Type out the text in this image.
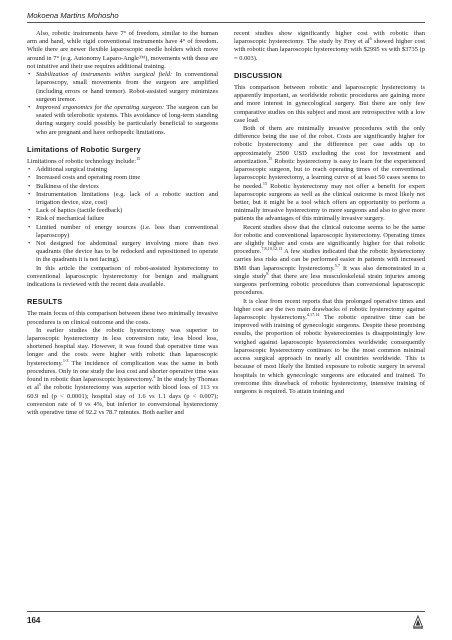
Mokoena Martins Mohosho

Also, robotic instruments have 7° of freedom, similar to the human arm and hand, while rigid conventional instruments have 4° of freedom. While there are newer flexible laparoscopic needle holders which move around in 7° (e.g. Autonomy Laparo-Angle™), movements with these are not intuitive and their use requires additional training.

• Stabilization of instruments within surgical field: In conventional laparoscopy, small movements from the surgeon are amplified (including errors or hand tremor). Robot-assisted surgery minimizes surgeon tremor.
• Improved ergonomics for the operating surgeon: The surgeon can be seated with telerobotic systems. This avoidance of long-term standing during surgery could possibly be particularly beneficial to surgeons who are pregnant and have orthopedic limitations.
Limitations of Robotic Surgery

Limitations of robotic technology include:$^{15}$

• Additional surgical training
• Increased costs and operating room time
• Bulkiness of the devices
• Instrumentation limitations (e.g. lack of a robotic suction and irrigation device, size, cost)
• Lack of haptics (tactile feedback)
• Risk of mechanical failure
• Limited number of energy sources (i.e. less than conventional laparoscopy)
• Not designed for abdominal surgery involving more than two quadrants (the device has to be redocked and repositioned to operate in the quadrants it is not facing).

In this article the comparison of robot-assisted hysterectomy to conventional laparoscopic hysterectomy for benign and malignant indications is reviewed with the recent data available.

RESULTS

The main focus of this comparison between these two minimally invasive procedures is on clinical outcome and the costs.

In earlier studies the robotic hysterectomy was superior to laparoscopic hysterectomy in less conversion rate, less blood loss, shortened hospital stay. However, it was found that operative time was longer and the costs were higher with robotic than laparoscopic hysterectomy.$^{1-3}$ The incidence of complication was the same in both procedures. Only in one study the less cost and shorter operative time was found in robotic than laparoscopic hysterectomy.$^4$ In the study by Thomas et $al^5$ the robotic hysterectomy was superior with blood loss of 113 vs 60.9 ml (p < 0.0001); hospital stay of 1.6 vs 1.1 days (p < 0.007); conversion rate of 9 vs 4%, but inferior to conversional hysterectomy with operative time of 92.2 vs 78.7 minutes. Both earlier and

recent studies show significantly higher cost with robotic than laparoscopic hysterectomy. The study by Frey et $al^6$ showed higher cost with robotic than laparoscopic hysterectomy with $2995 vs with $3735 (p = 0.003).

DISCUSSION

This comparison between robotic and laparoscopic hysterectomy is apparently important, as worldwide robotic procedures are gaining more and more interest in gynecological surgery. But there are only few comparative studies on this subject and most are retrospective with a low case load.

Both of them are minimally invasive procedures with the only difference being the use of the robot. Costs are significantly higher for robotic hysterectomy and the difference per case adds up to approximately 2500 USD excluding the cost for investment and amortization.$^{15}$ Robotic hysterectomy is easy to learn for the experienced laparoscopic surgeon, but to reach operating times of the conventional laparoscopic hysterectomy, a learning curve of at least 50 cases seems to be needed.$^{15}$ Robotic hysterectomy may not offer a benefit for expert laparoscopic surgeons as well as the clinical outcome is most likely not better, but it might be a tool which offers an opportunity to perform a minimally invasive hysterectomy to more surgeons and also to give more patients the advantages of this minimally invasive surgery.

Recent studies show that the clinical outcome seems to be the same for robotic and conventional laparoscopic hysterectomy. Operating times are slightly higher and costs are significantly higher for that robotic procedure.$^{7,8,10,12,13}$ A few studies indicated that the robotic hysterectomy carries less risks and can be performed easier in patients with increased BMI than laparoscopic hysterectomy.$^{5,7}$ It was also demonstrated in a single study$^8$ that there are less musculoskeletal strain injuries among surgeons performing robotic procedures than conversional laparoscopic procedures.

It is clear from recent reports that this prolonged operative times and higher cost are the two main drawbacks of robotic hysterectomy against laparoscopic hysterectomy.$^{4,17,14}$ The robotic operative time can be improved with training of gynecologic surgeons. Despite these promising results, the proportion of robotic hysterectomies is disappointingly low weighed against laparoscopic hysterectomies worldwide; consequently laparoscopic hysterectomy continues to be the most common minimal access surgical approach in nearly all countries worldwide. This is because of most likely the limited exposure to robotic surgery in several hospitals in which gynecologic surgeons are educated and trained. To overcome this drawback of robotic hysterectomy, intensive training of surgeons is required. To attain training and

164
